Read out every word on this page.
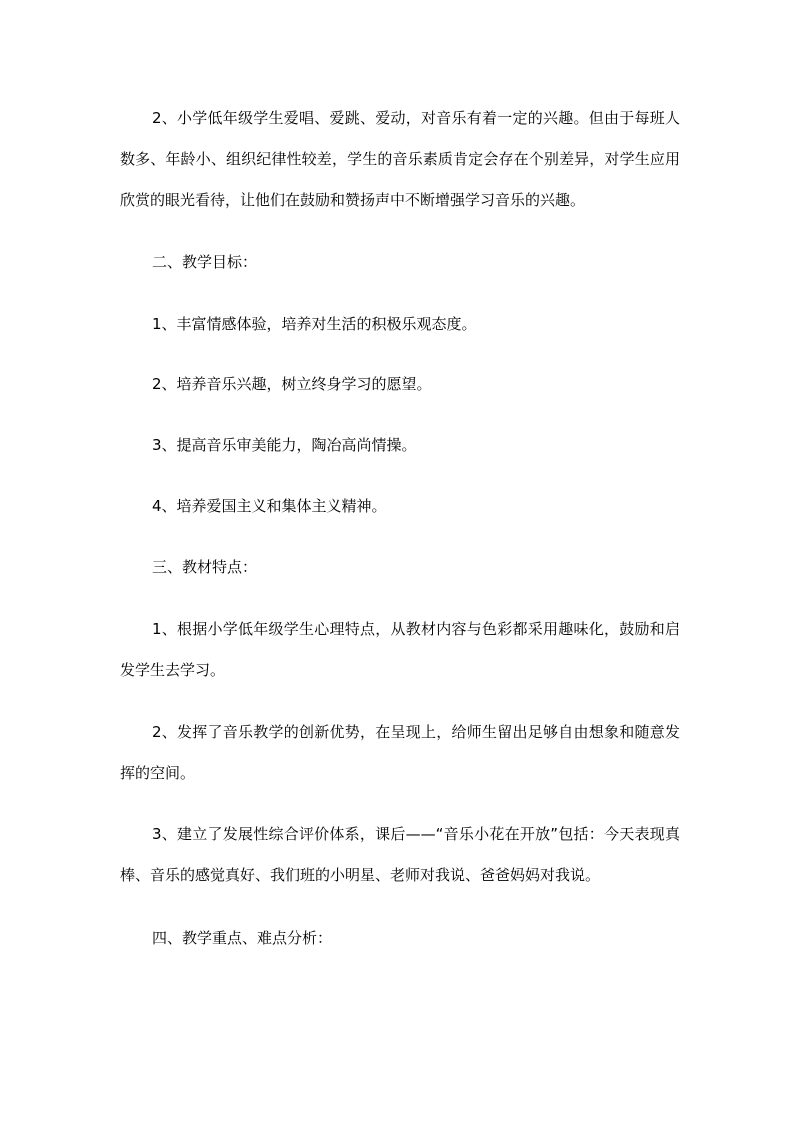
2、小学低年级学生爱唱、爱跳、爱动，对音乐有着一定的兴趣。但由于每班人数多、年龄小、组织纪律性较差，学生的音乐素质肯定会存在个别差异，对学生应用欣赏的眼光看待，让他们在鼓励和赞扬声中不断增强学习音乐的兴趣。

二、教学目标：

1、丰富情感体验，培养对生活的积极乐观态度。

2、培养音乐兴趣，树立终身学习的愿望。

3、提高音乐审美能力，陶冶高尚情操。

4、培养爱国主义和集体主义精神。

三、教材特点：

1、根据小学低年级学生心理特点，从教材内容与色彩都采用趣味化，鼓励和启发学生去学习。

2、发挥了音乐教学的创新优势，在呈现上，给师生留出足够自由想象和随意发挥的空间。

3、建立了发展性综合评价体系，课后——“音乐小花在开放”包括：今天表现真棒、音乐的感觉真好、我们班的小明星、老师对我说、爸爸妈妈对我说。

四、教学重点、难点分析：
